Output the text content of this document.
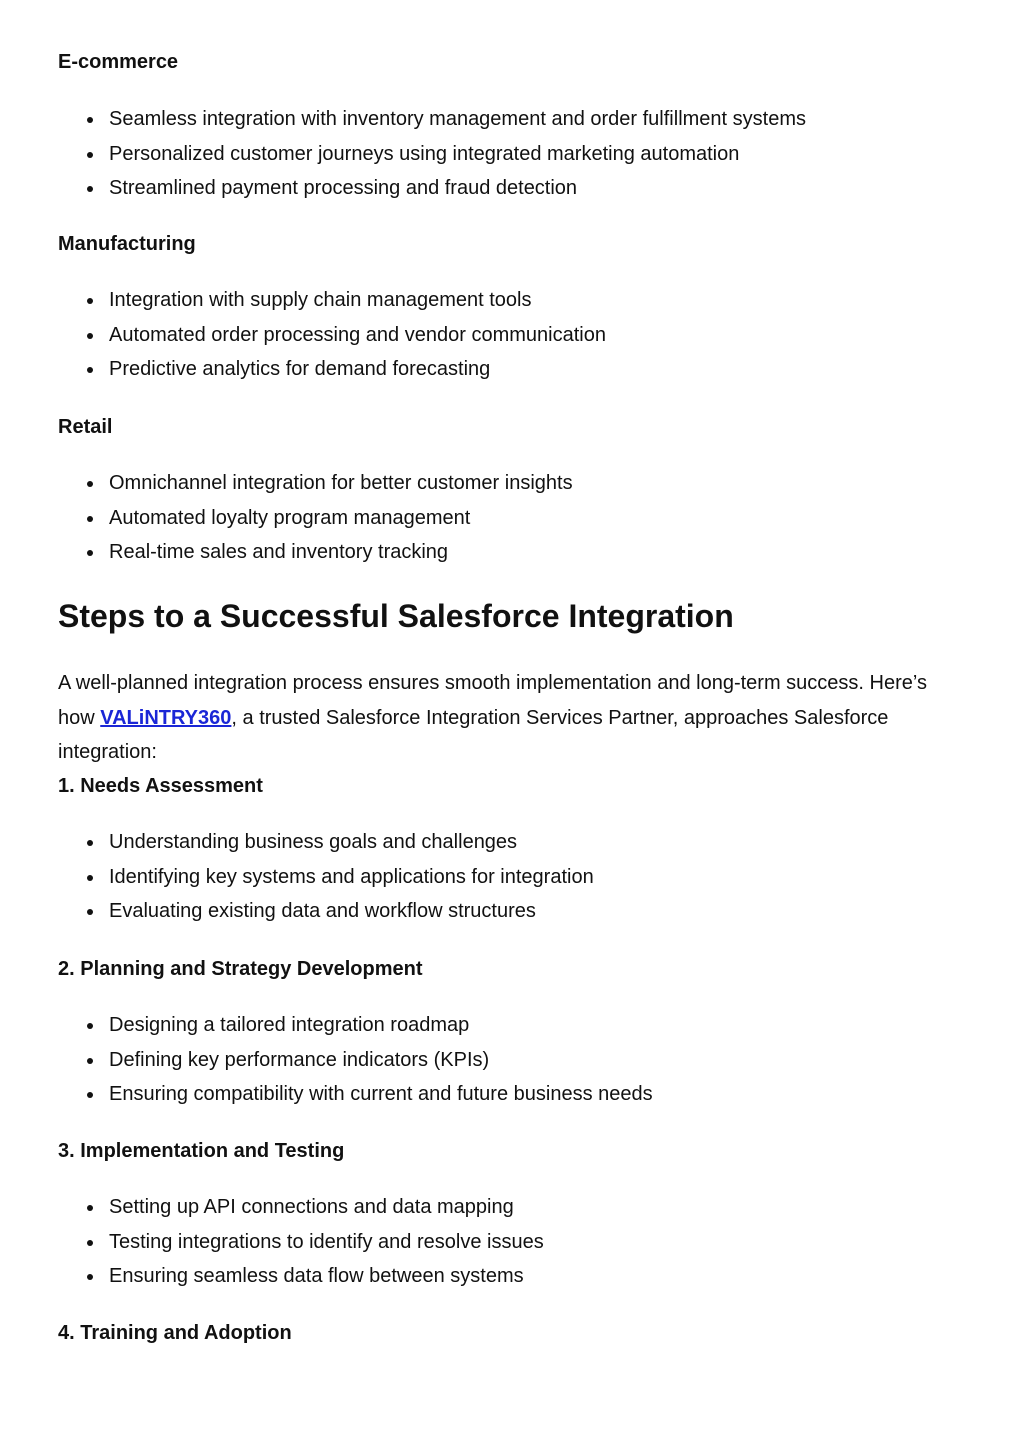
E-commerce
Seamless integration with inventory management and order fulfillment systems
Personalized customer journeys using integrated marketing automation
Streamlined payment processing and fraud detection
Manufacturing
Integration with supply chain management tools
Automated order processing and vendor communication
Predictive analytics for demand forecasting
Retail
Omnichannel integration for better customer insights
Automated loyalty program management
Real-time sales and inventory tracking
Steps to a Successful Salesforce Integration

A well-planned integration process ensures smooth implementation and long-term success. Here’s how VALiNTRY360, a trusted Salesforce Integration Services Partner, approaches Salesforce integration:

1. Needs Assessment
Understanding business goals and challenges
Identifying key systems and applications for integration
Evaluating existing data and workflow structures
2. Planning and Strategy Development
Designing a tailored integration roadmap
Defining key performance indicators (KPIs)
Ensuring compatibility with current and future business needs
3. Implementation and Testing
Setting up API connections and data mapping
Testing integrations to identify and resolve issues
Ensuring seamless data flow between systems
4. Training and Adoption
